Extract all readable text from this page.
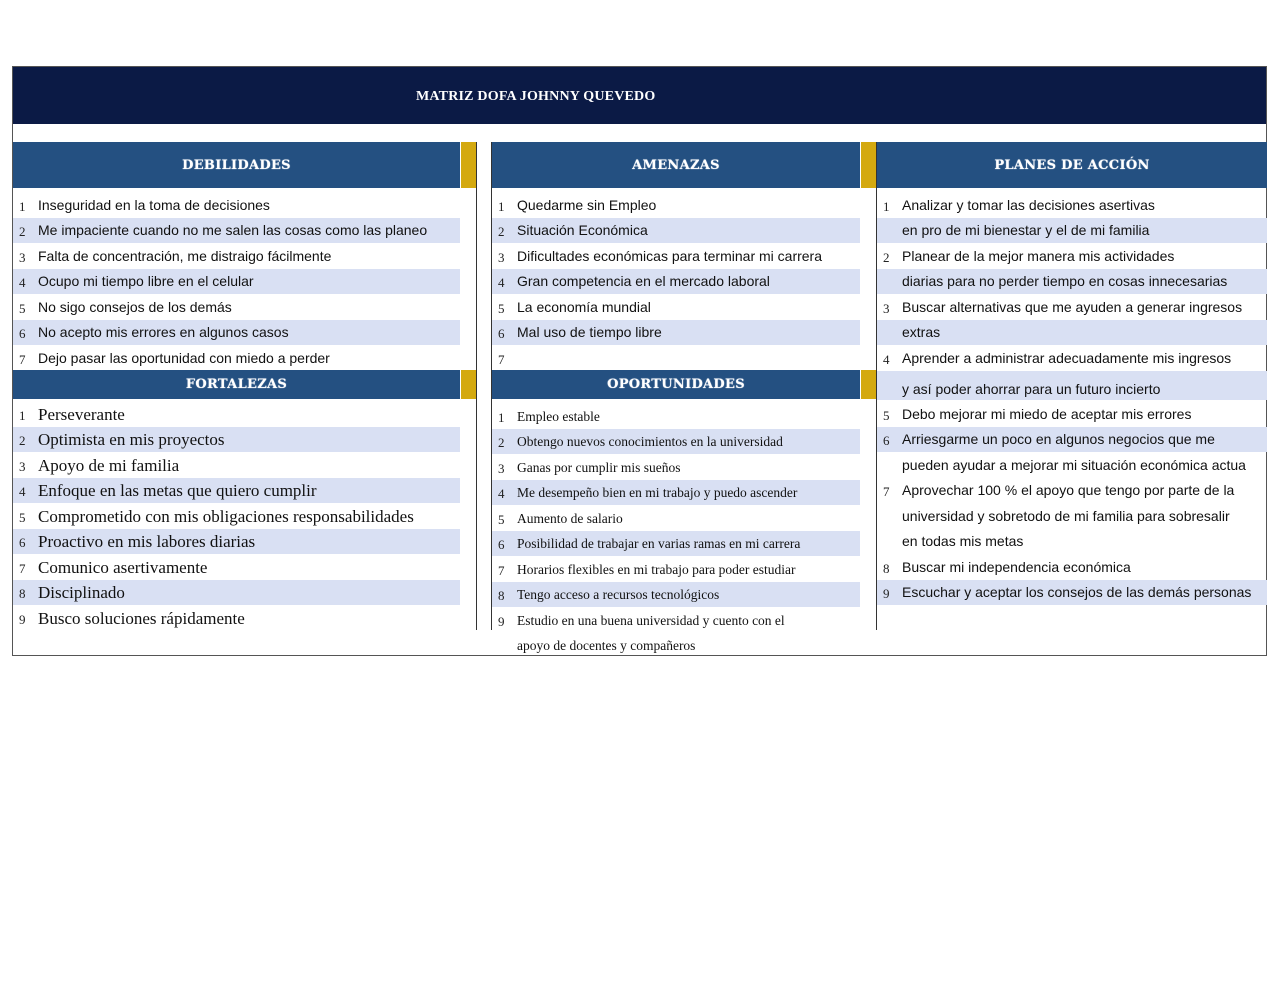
MATRIZ DOFA JOHNNY QUEVEDO
DEBILIDADES	AMENAZAS	PLANES DE ACCIÓN
FORTALEZAS	OPORTUNIDADES
1 Inseguridad en la toma de decisiones
2 Me impaciente cuando no me salen las cosas como las planeo
3 Falta de concentración, me distraigo fácilmente
4 Ocupo mi tiempo libre en el celular
5 No sigo consejos de los demás
6 No acepto mis errores en algunos casos
7 Dejo pasar las oportunidad con miedo a perder
1 Quedarme sin Empleo
2 Situación Económica
3 Dificultades económicas para terminar mi carrera
4 Gran competencia en el mercado laboral
5 La economía mundial
6 Mal uso de tiempo libre
7
1 Perseverante
2 Optimista en mis proyectos
3 Apoyo de mi familia
4 Enfoque en las metas que quiero cumplir
5 Comprometido con mis obligaciones responsabilidades
6 Proactivo en mis labores diarias
7 Comunico asertivamente
8 Disciplinado
9 Busco soluciones rápidamente
1 Empleo estable
2 Obtengo nuevos conocimientos en la universidad
3 Ganas por cumplir mis sueños
4 Me desempeño bien en mi trabajo y puedo ascender
5 Aumento de salario
6 Posibilidad de trabajar en varias ramas en mi carrera
7 Horarios flexibles en mi trabajo para poder estudiar
8 Tengo acceso a recursos tecnológicos
9 Estudio en una buena universidad y cuento con el
apoyo de docentes y compañeros
1 Analizar y tomar las decisiones asertivas
en pro de mi bienestar y el de mi familia
2 Planear de la mejor manera mis actividades
diarias para no perder tiempo en cosas innecesarias
3 Buscar alternativas que me ayuden a generar ingresos
extras
4 Aprender a administrar adecuadamente mis ingresos
y así poder ahorrar para un futuro incierto
5 Debo mejorar mi miedo de aceptar mis errores
6 Arriesgarme un poco en algunos negocios que me
pueden ayudar a mejorar mi situación económica actua
7 Aprovechar 100 % el apoyo que tengo por parte de la
universidad y sobretodo de mi familia para sobresalir
en todas mis metas
8 Buscar mi independencia económica
9 Escuchar y aceptar los consejos de las demás personas
